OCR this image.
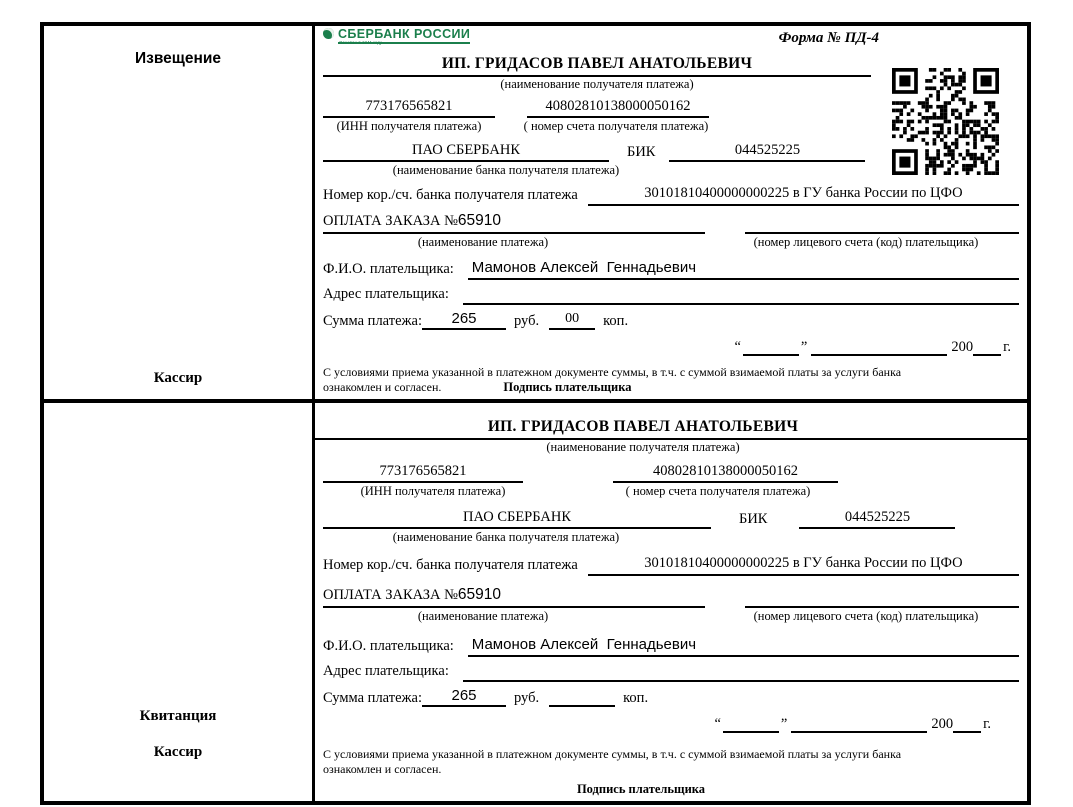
Извещение
Кассир
СБЕРБАНК РОССИИ
Основан в 1841 году	Форма № ПД-4
ИП. ГРИДАСОВ ПАВЕЛ АНАТОЛЬЕВИЧ
(наименование получателя платежа)
773176565821	40802810138000050162
(ИНН получателя платежа)	( номер счета получателя платежа)
ПАО СБЕРБАНК	БИК	044525225
(наименование банка получателя платежа)
Номер кор./сч. банка получателя платежа	30101810400000000225 в ГУ банка России по ЦФО
ОПЛАТА ЗАКАЗА №65910
(наименование платежа)	(номер лицевого счета (код) плательщика)
Ф.И.О. плательщика: Мамонов Алексей  Геннадьевич
Адрес плательщика:
Сумма платежа:	265	руб.	00	коп.
“	”	200 г.
С условиями приема указанной в платежном документе суммы, в т.ч. с суммой взимаемой платы за услуги банка
ознакомлен и согласен.	Подпись плательщика
Квитанция
Кассир
ИП. ГРИДАСОВ ПАВЕЛ АНАТОЛЬЕВИЧ
(наименование получателя платежа)
773176565821	40802810138000050162
(ИНН получателя платежа)	( номер счета получателя платежа)
ПАО СБЕРБАНК	БИК	044525225
(наименование банка получателя платежа)
Номер кор./сч. банка получателя платежа	30101810400000000225 в ГУ банка России по ЦФО
ОПЛАТА ЗАКАЗА №65910
(наименование платежа)	(номер лицевого счета (код) плательщика)
Ф.И.О. плательщика: Мамонов Алексей  Геннадьевич
Адрес плательщика:
Сумма платежа:	265	руб.	коп.
“	”	200 г.
С условиями приема указанной в платежном документе суммы, в т.ч. с суммой взимаемой платы за услуги банка
ознакомлен и согласен.
Подпись плательщика
